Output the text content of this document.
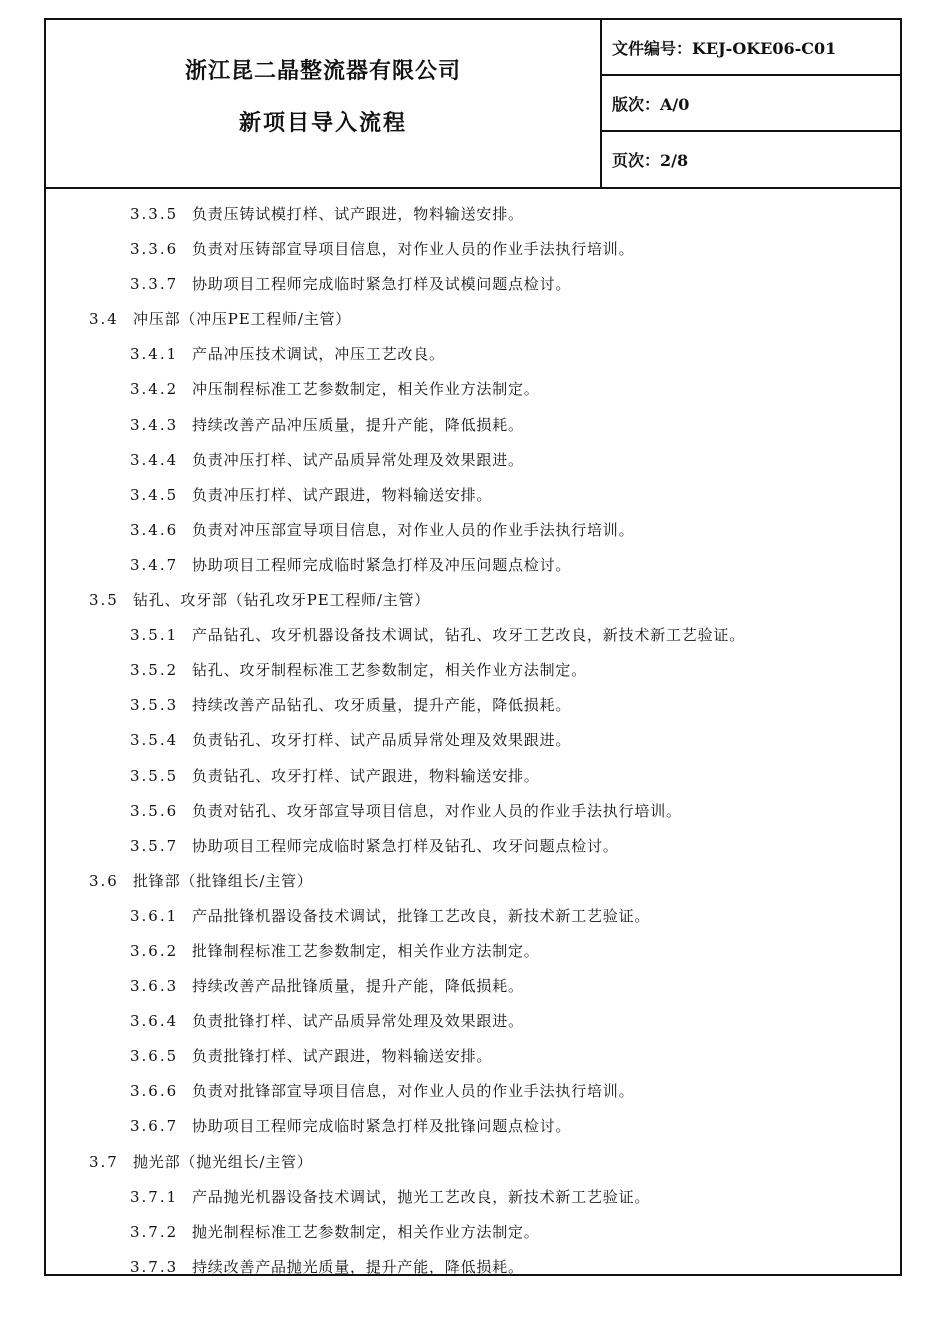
浙江昆二晶整流器有限公司
新项目导入流程
文件编号：KEJ-OKE06-C01
版次：A/0
页次：2/8
3.3.5 负责压铸试模打样、试产跟进，物料输送安排。
3.3.6 负责对压铸部宣导项目信息，对作业人员的作业手法执行培训。
3.3.7 协助项目工程师完成临时紧急打样及试模问题点检讨。
3.4 冲压部（冲压PE工程师/主管）
3.4.1 产品冲压技术调试，冲压工艺改良。
3.4.2 冲压制程标准工艺参数制定，相关作业方法制定。
3.4.3 持续改善产品冲压质量，提升产能，降低损耗。
3.4.4 负责冲压打样、试产品质异常处理及效果跟进。
3.4.5 负责冲压打样、试产跟进，物料输送安排。
3.4.6 负责对冲压部宣导项目信息，对作业人员的作业手法执行培训。
3.4.7 协助项目工程师完成临时紧急打样及冲压问题点检讨。
3.5 钻孔、攻牙部（钻孔攻牙PE工程师/主管）
3.5.1 产品钻孔、攻牙机器设备技术调试，钻孔、攻牙工艺改良，新技术新工艺验证。
3.5.2 钻孔、攻牙制程标准工艺参数制定，相关作业方法制定。
3.5.3 持续改善产品钻孔、攻牙质量，提升产能，降低损耗。
3.5.4 负责钻孔、攻牙打样、试产品质异常处理及效果跟进。
3.5.5 负责钻孔、攻牙打样、试产跟进，物料输送安排。
3.5.6 负责对钻孔、攻牙部宣导项目信息，对作业人员的作业手法执行培训。
3.5.7 协助项目工程师完成临时紧急打样及钻孔、攻牙问题点检讨。
3.6 批锋部（批锋组长/主管）
3.6.1 产品批锋机器设备技术调试，批锋工艺改良，新技术新工艺验证。
3.6.2 批锋制程标准工艺参数制定，相关作业方法制定。
3.6.3 持续改善产品批锋质量，提升产能，降低损耗。
3.6.4 负责批锋打样、试产品质异常处理及效果跟进。
3.6.5 负责批锋打样、试产跟进，物料输送安排。
3.6.6 负责对批锋部宣导项目信息，对作业人员的作业手法执行培训。
3.6.7 协助项目工程师完成临时紧急打样及批锋问题点检讨。
3.7 抛光部（抛光组长/主管）
3.7.1 产品抛光机器设备技术调试，抛光工艺改良，新技术新工艺验证。
3.7.2 抛光制程标准工艺参数制定，相关作业方法制定。
3.7.3 持续改善产品抛光质量，提升产能，降低损耗。
